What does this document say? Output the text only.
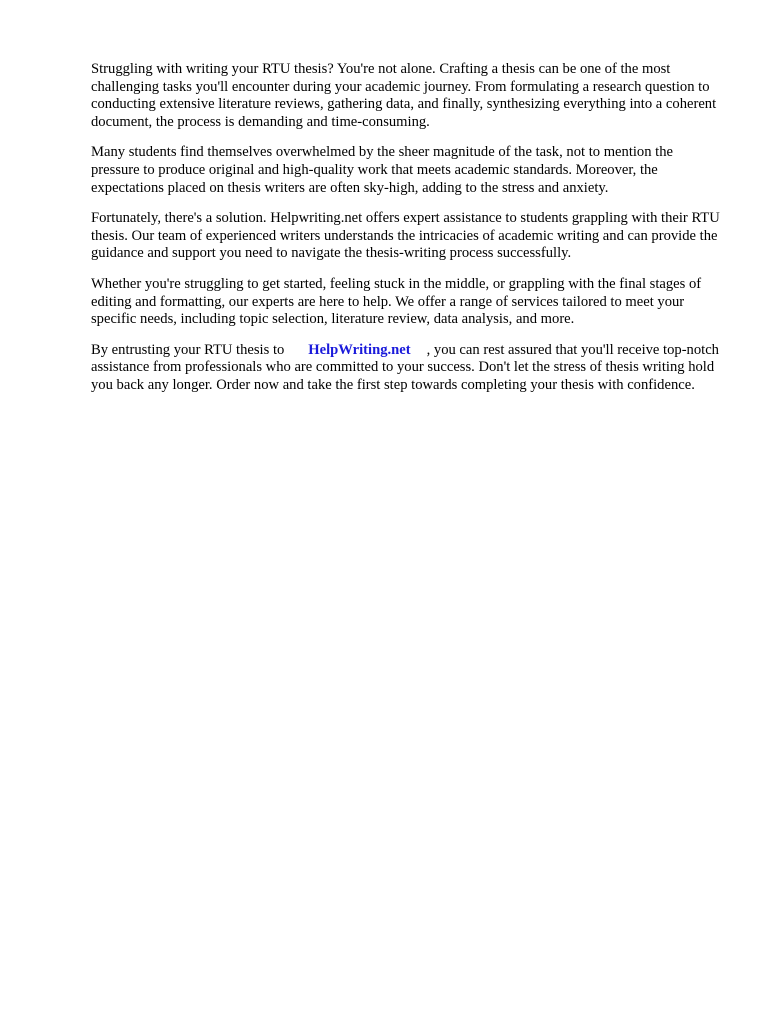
Struggling with writing your RTU thesis? You're not alone. Crafting a thesis can be one of the most challenging tasks you'll encounter during your academic journey. From formulating a research question to conducting extensive literature reviews, gathering data, and finally, synthesizing everything into a coherent document, the process is demanding and time-consuming.

Many students find themselves overwhelmed by the sheer magnitude of the task, not to mention the pressure to produce original and high-quality work that meets academic standards. Moreover, the expectations placed on thesis writers are often sky-high, adding to the stress and anxiety.

Fortunately, there's a solution. Helpwriting.net offers expert assistance to students grappling with their RTU thesis. Our team of experienced writers understands the intricacies of academic writing and can provide the guidance and support you need to navigate the thesis-writing process successfully.

Whether you're struggling to get started, feeling stuck in the middle, or grappling with the final stages of editing and formatting, our experts are here to help. We offer a range of services tailored to meet your specific needs, including topic selection, literature review, data analysis, and more.

By entrusting your RTU thesis to HelpWriting.net , you can rest assured that you'll receive top-notch assistance from professionals who are committed to your success. Don't let the stress of thesis writing hold you back any longer. Order now and take the first step towards completing your thesis with confidence.
